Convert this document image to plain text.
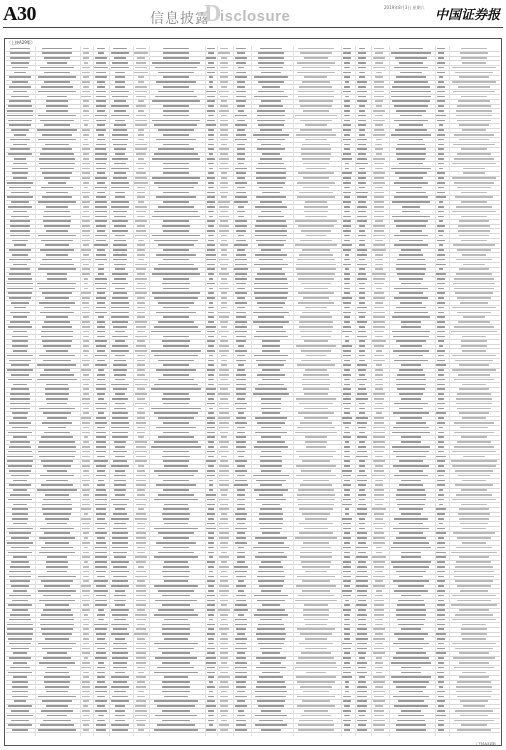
A30	信息披露
D
isclosure
2019年8月3日 星期六
中国证券报
（上接A29版）
（下转A31版）
